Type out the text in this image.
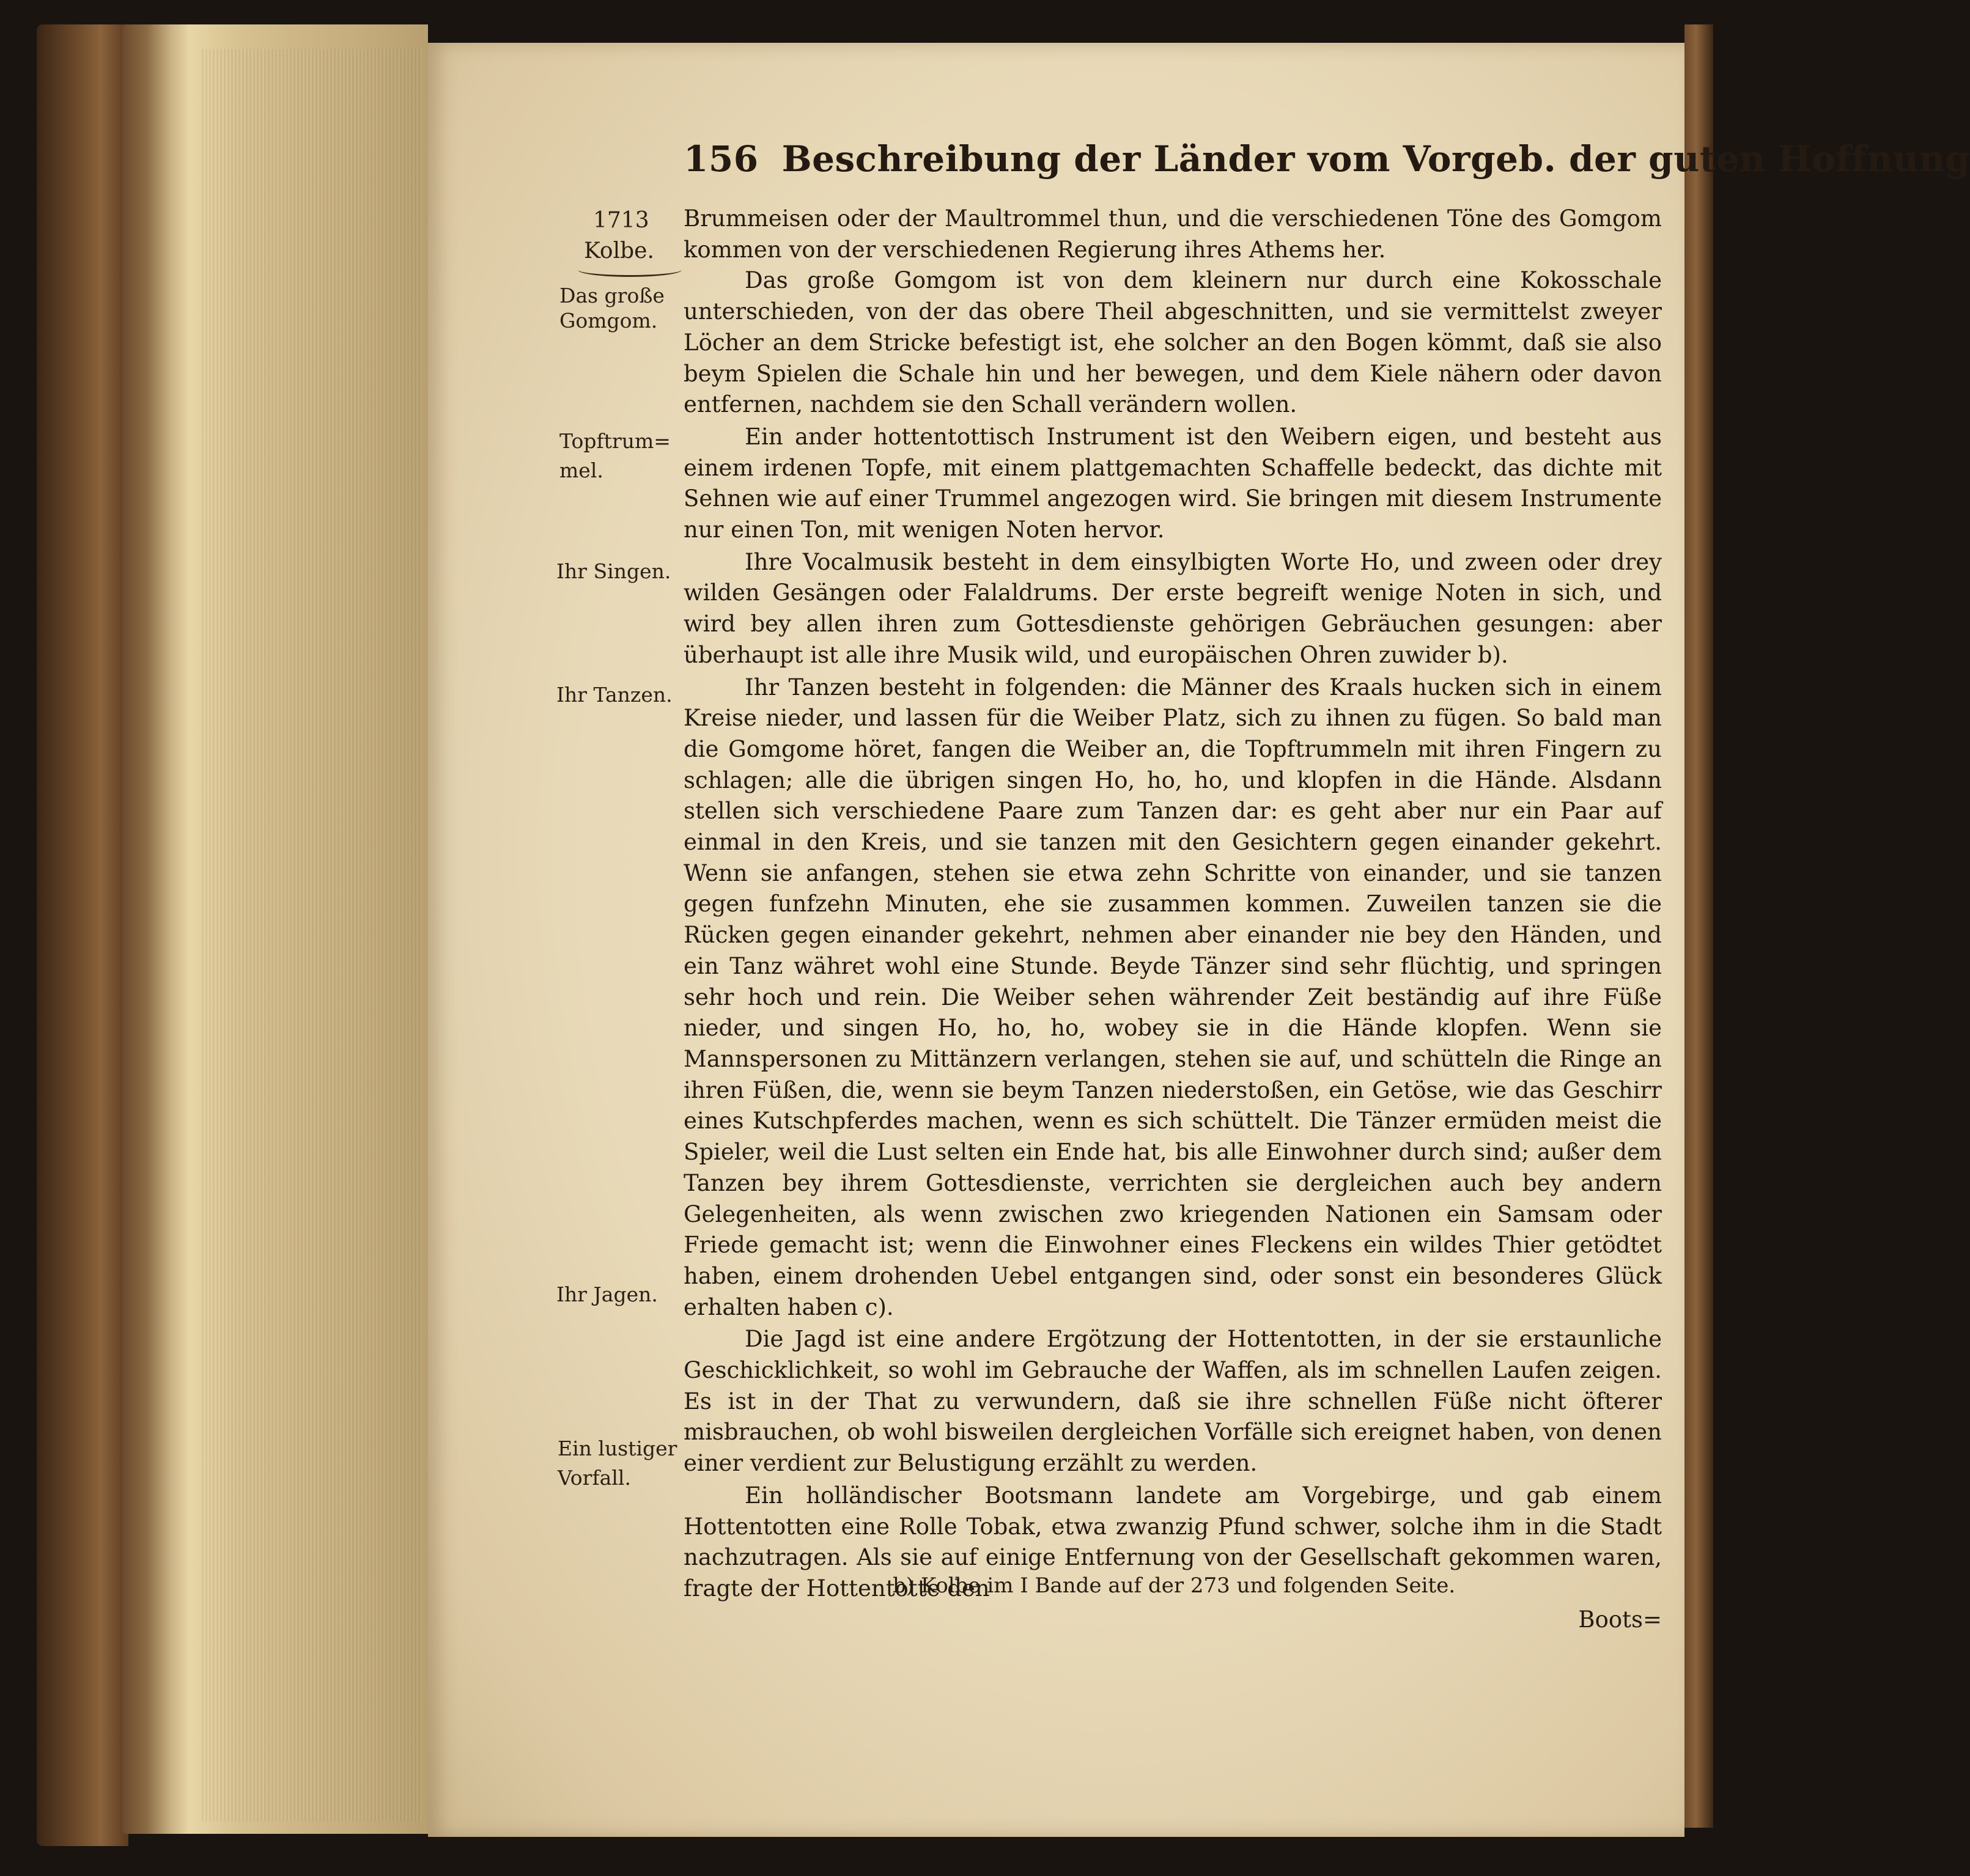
156 Beschreibung der Länder vom Vorgeb. der guten Hoffnung
1713
Kolbe.
Das große
Gomgom.
Topftrum=
mel.
Ihr Singen.
Ihr Tanzen.
Ihr Jagen.
Ein lustiger
Vorfall.

Brummeisen oder der Maultrommel thun, und die verschiedenen Töne des Gomgom kommen von der verschiedenen Regierung ihres Athems her.

Das große Gomgom ist von dem kleinern nur durch eine Kokosschale unterschieden, von der das obere Theil abgeschnitten, und sie vermittelst zweyer Löcher an dem Stricke befestigt ist, ehe solcher an den Bogen kömmt, daß sie also beym Spielen die Schale hin und her bewegen, und dem Kiele nähern oder davon entfernen, nachdem sie den Schall verändern wollen.

Ein ander hottentottisch Instrument ist den Weibern eigen, und besteht aus einem irdenen Topfe, mit einem plattgemachten Schaffelle bedeckt, das dichte mit Sehnen wie auf einer Trummel angezogen wird. Sie bringen mit diesem Instrumente nur einen Ton, mit wenigen Noten hervor.

Ihre Vocalmusik besteht in dem einsylbigten Worte Ho, und zween oder drey wilden Gesängen oder Falaldrums. Der erste begreift wenige Noten in sich, und wird bey allen ihren zum Gottesdienste gehörigen Gebräuchen gesungen: aber überhaupt ist alle ihre Musik wild, und europäischen Ohren zuwider b).

Ihr Tanzen besteht in folgenden: die Männer des Kraals hucken sich in einem Kreise nieder, und lassen für die Weiber Platz, sich zu ihnen zu fügen. So bald man die Gomgome höret, fangen die Weiber an, die Topftrummeln mit ihren Fingern zu schlagen; alle die übrigen singen Ho, ho, ho, und klopfen in die Hände. Alsdann stellen sich verschiedene Paare zum Tanzen dar: es geht aber nur ein Paar auf einmal in den Kreis, und sie tanzen mit den Gesichtern gegen einander gekehrt. Wenn sie anfangen, stehen sie etwa zehn Schritte von einander, und sie tanzen gegen funfzehn Minuten, ehe sie zusammen kommen. Zuweilen tanzen sie die Rücken gegen einander gekehrt, nehmen aber einander nie bey den Händen, und ein Tanz währet wohl eine Stunde. Beyde Tänzer sind sehr flüchtig, und springen sehr hoch und rein. Die Weiber sehen währender Zeit beständig auf ihre Füße nieder, und singen Ho, ho, ho, wobey sie in die Hände klopfen. Wenn sie Mannspersonen zu Mittänzern verlangen, stehen sie auf, und schütteln die Ringe an ihren Füßen, die, wenn sie beym Tanzen niederstoßen, ein Getöse, wie das Geschirr eines Kutschpferdes machen, wenn es sich schüttelt. Die Tänzer ermüden meist die Spieler, weil die Lust selten ein Ende hat, bis alle Einwohner durch sind; außer dem Tanzen bey ihrem Gottesdienste, verrichten sie dergleichen auch bey andern Gelegenheiten, als wenn zwischen zwo kriegenden Nationen ein Samsam oder Friede gemacht ist; wenn die Einwohner eines Fleckens ein wildes Thier getödtet haben, einem drohenden Uebel entgangen sind, oder sonst ein besonderes Glück erhalten haben c).

Die Jagd ist eine andere Ergötzung der Hottentotten, in der sie erstaunliche Geschicklichkeit, so wohl im Gebrauche der Waffen, als im schnellen Laufen zeigen. Es ist in der That zu verwundern, daß sie ihre schnellen Füße nicht öfterer misbrauchen, ob wohl bisweilen dergleichen Vorfälle sich ereignet haben, von denen einer verdient zur Belustigung erzählt zu werden.

Ein holländischer Bootsmann landete am Vorgebirge, und gab einem Hottentotten eine Rolle Tobak, etwa zwanzig Pfund schwer, solche ihm in die Stadt nachzutragen. Als sie auf einige Entfernung von der Gesellschaft gekommen waren, fragte der Hottentotte den

Boots=
b) Kolbe im I Bande auf der 273 und folgenden Seite.
